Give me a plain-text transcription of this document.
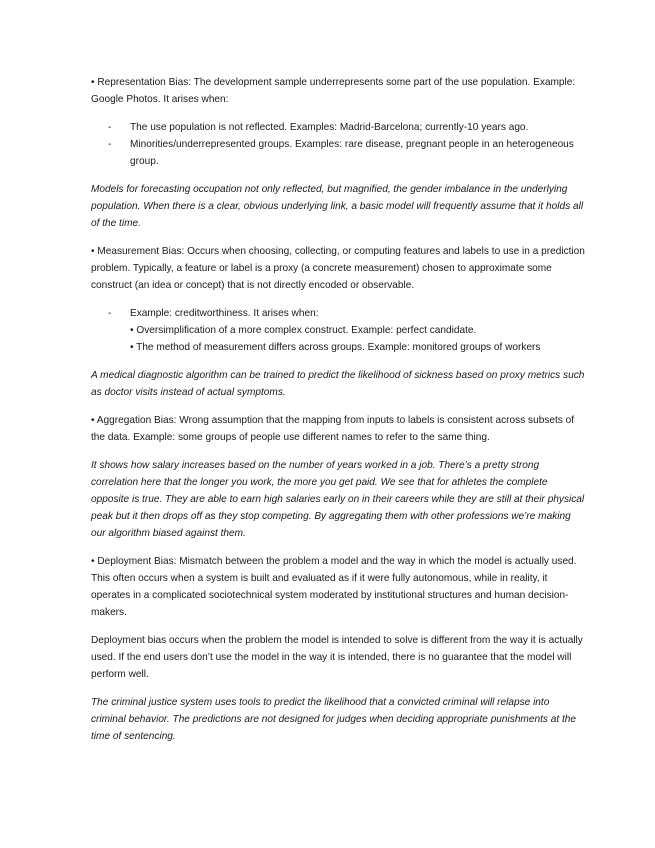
• Representation Bias: The development sample underrepresents some part of the use population. Example: Google Photos. It arises when:

- The use population is not reflected. Examples: Madrid-Barcelona; currently-10 years ago.
- Minorities/underrepresented groups. Examples: rare disease, pregnant people in an heterogeneous group.

Models for forecasting occupation not only reflected, but magnified, the gender imbalance in the underlying population. When there is a clear, obvious underlying link, a basic model will frequently assume that it holds all of the time.

• Measurement Bias: Occurs when choosing, collecting, or computing features and labels to use in a prediction problem. Typically, a feature or label is a proxy (a concrete measurement) chosen to approximate some construct (an idea or concept) that is not directly encoded or observable.

- Example: creditworthiness. It arises when:
• Oversimplification of a more complex construct. Example: perfect candidate.
• The method of measurement differs across groups. Example: monitored groups of workers

A medical diagnostic algorithm can be trained to predict the likelihood of sickness based on proxy metrics such as doctor visits instead of actual symptoms.

• Aggregation Bias: Wrong assumption that the mapping from inputs to labels is consistent across subsets of the data. Example: some groups of people use different names to refer to the same thing.

It shows how salary increases based on the number of years worked in a job. There’s a pretty strong correlation here that the longer you work, the more you get paid. We see that for athletes the complete opposite is true. They are able to earn high salaries early on in their careers while they are still at their physical peak but it then drops off as they stop competing. By aggregating them with other professions we’re making our algorithm biased against them.

• Deployment Bias: Mismatch between the problem a model and the way in which the model is actually used. This often occurs when a system is built and evaluated as if it were fully autonomous, while in reality, it operates in a complicated sociotechnical system moderated by institutional structures and human decision-makers.

Deployment bias occurs when the problem the model is intended to solve is different from the way it is actually used. If the end users don’t use the model in the way it is intended, there is no guarantee that the model will perform well.

The criminal justice system uses tools to predict the likelihood that a convicted criminal will relapse into criminal behavior. The predictions are not designed for judges when deciding appropriate punishments at the time of sentencing.
